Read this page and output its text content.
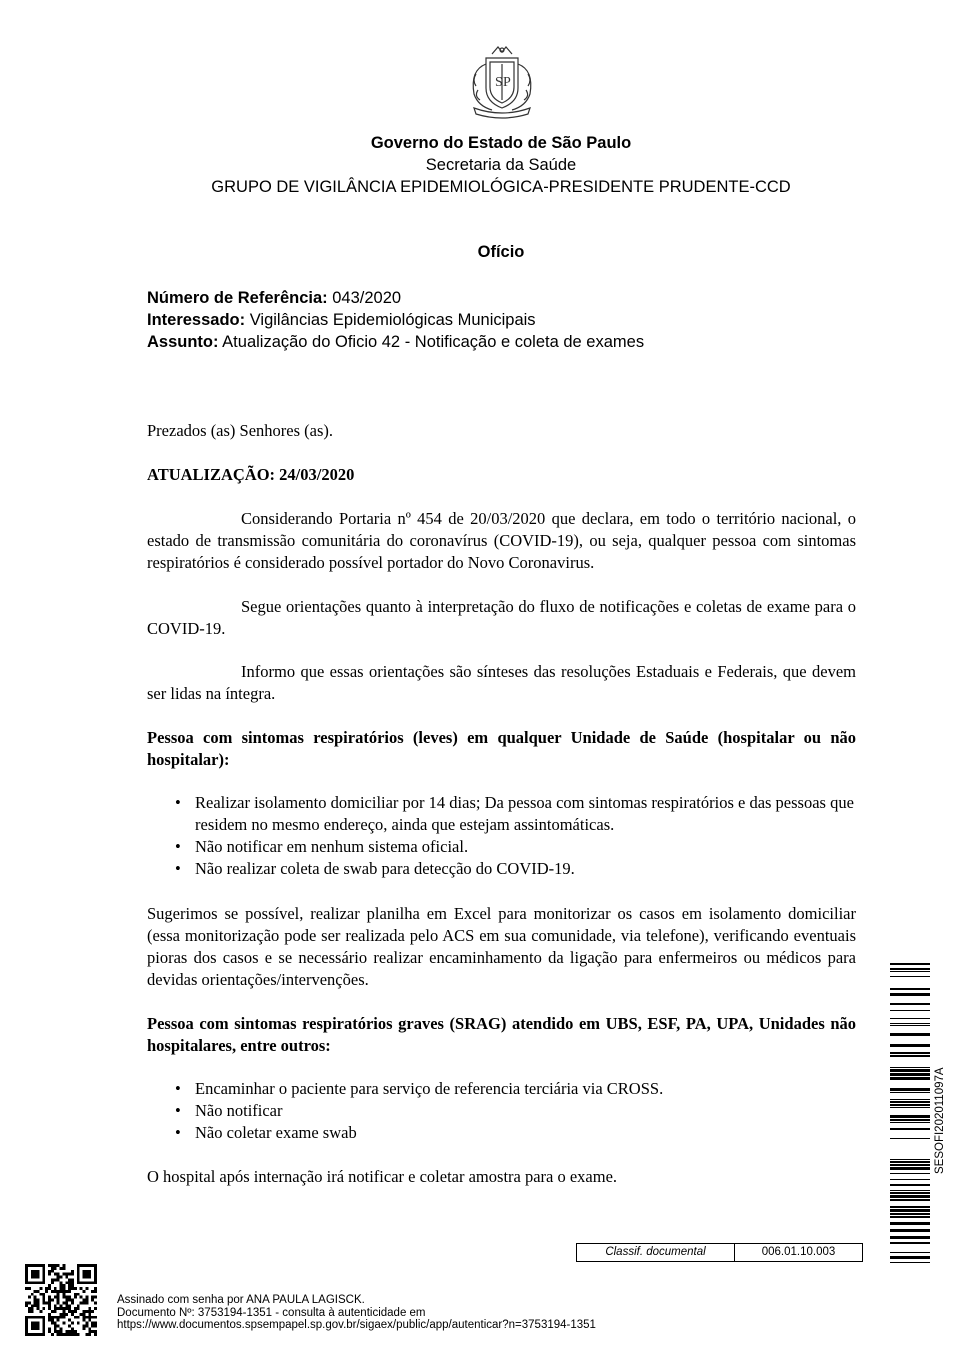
S P
Governo do Estado de São Paulo
Secretaria da Saúde
GRUPO DE VIGILÂNCIA EPIDEMIOLÓGICA-PRESIDENTE PRUDENTE-CCD
Ofício
Número de Referência: 043/2020
Interessado: Vigilâncias Epidemiológicas Municipais
Assunto: Atualização do Oficio 42 - Notificação e coleta de exames
Prezados (as) Senhores (as).
ATUALIZAÇÃO: 24/03/2020
Considerando Portaria nº 454 de 20/03/2020 que declara, em todo o território nacional, o estado de transmissão comunitária do coronavírus (COVID-19), ou seja, qualquer pessoa com sintomas respiratórios é considerado possível portador do Novo Coronavirus.
Segue orientações quanto à interpretação do fluxo de notificações e coletas de exame para o COVID-19.
Informo que essas orientações são sínteses das resoluções Estaduais e Federais, que devem ser lidas na íntegra.
Pessoa com sintomas respiratórios (leves) em qualquer Unidade de Saúde (hospitalar ou não hospitalar):
• Realizar isolamento domiciliar por 14 dias; Da pessoa com sintomas respiratórios e das pessoas que residem no mesmo endereço, ainda que estejam assintomáticas.
• Não notificar em nenhum sistema oficial.
• Não realizar coleta de swab para detecção do COVID-19.
Sugerimos se possível, realizar planilha em Excel para monitorizar os casos em isolamento domiciliar (essa monitorização pode ser realizada pelo ACS em sua comunidade, via telefone), verificando eventuais pioras dos casos e se necessário realizar encaminhamento da ligação para enfermeiros ou médicos para devidas orientações/intervenções.
Pessoa com sintomas respiratórios graves (SRAG) atendido em UBS, ESF, PA, UPA, Unidades não hospitalares, entre outros:
• Encaminhar o paciente para serviço de referencia terciária via CROSS.
• Não notificar
• Não coletar exame swab
O hospital após internação irá notificar e coletar amostra para o exame.
SESOFI202011097A
Classif. documental	006.01.10.003
Assinado com senha por ANA PAULA LAGISCK.
Documento Nº: 3753194-1351 - consulta à autenticidade em
https://www.documentos.spsempapel.sp.gov.br/sigaex/public/app/autenticar?n=3753194-1351
